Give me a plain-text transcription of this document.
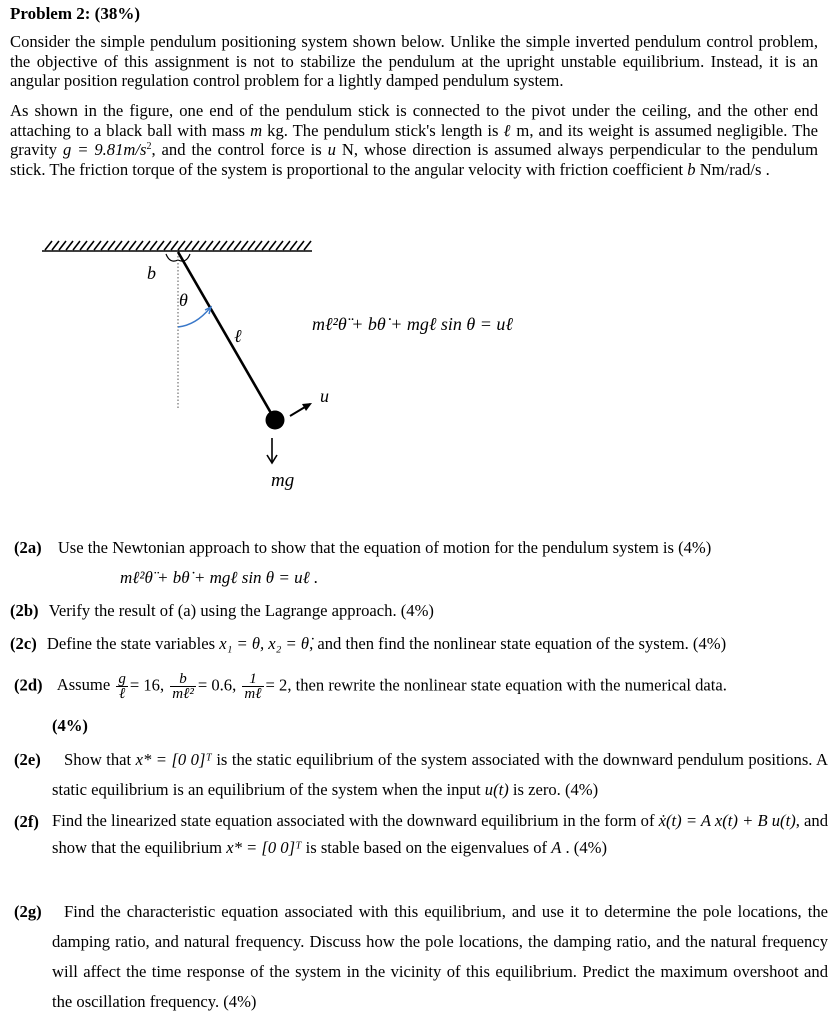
Problem 2: (38%)
Consider the simple pendulum positioning system shown below. Unlike the simple inverted pendulum control problem, the objective of this assignment is not to stabilize the pendulum at the upright unstable equilibrium. Instead, it is an angular position regulation control problem for a lightly damped pendulum system.
As shown in the figure, one end of the pendulum stick is connected to the pivot under the ceiling, and the other end attaching to a black ball with mass m kg. The pendulum stick's length is ℓ m, and its weight is assumed negligible. The gravity $g = 9.81m/s^2$, and the control force is u N, whose direction is assumed always perpendicular to the pendulum stick. The friction torque of the system is proportional to the angular velocity with friction coefficient b Nm/rad/s .
b
θ
ℓ
u
mg
mℓ²θ̈ + bθ̇ + mgℓ sin θ = uℓ
(2a) Use the Newtonian approach to show that the equation of motion for the pendulum system is (4%)
mℓ²θ̈ + bθ̇ + mgℓ sin θ = uℓ .
(2b) Verify the result of (a) using the Lagrange approach. (4%)
(2c) Define the state variables x₁ = θ, x₂ = θ̇, and then find the nonlinear state equation of the system. (4%)
(2d) Assume $\frac{g}{\text{ℓ}} = 16$, $\frac{b}{\text{mℓ²}} = 0.6$, $\frac{1}{\text{mℓ}} = 2$, then rewrite the nonlinear state equation with the numerical data.
(4%)
(2e)	Show that x* = [0 0]ᵀ is the static equilibrium of the system associated with the downward pendulum positions. A static equilibrium is an equilibrium of the system when the input u(t) is zero. (4%)
(2f) Find the linearized state equation associated with the downward equilibrium in the form of ẋ(t) = A x(t) + B u(t), and show that the equilibrium x* = [0 0]ᵀ is stable based on the eigenvalues of A . (4%)
(2g)	Find the characteristic equation associated with this equilibrium, and use it to determine the pole locations, the damping ratio, and natural frequency. Discuss how the pole locations, the damping ratio, and the natural frequency will affect the time response of the system in the vicinity of this equilibrium. Predict the maximum overshoot and the oscillation frequency. (4%)
